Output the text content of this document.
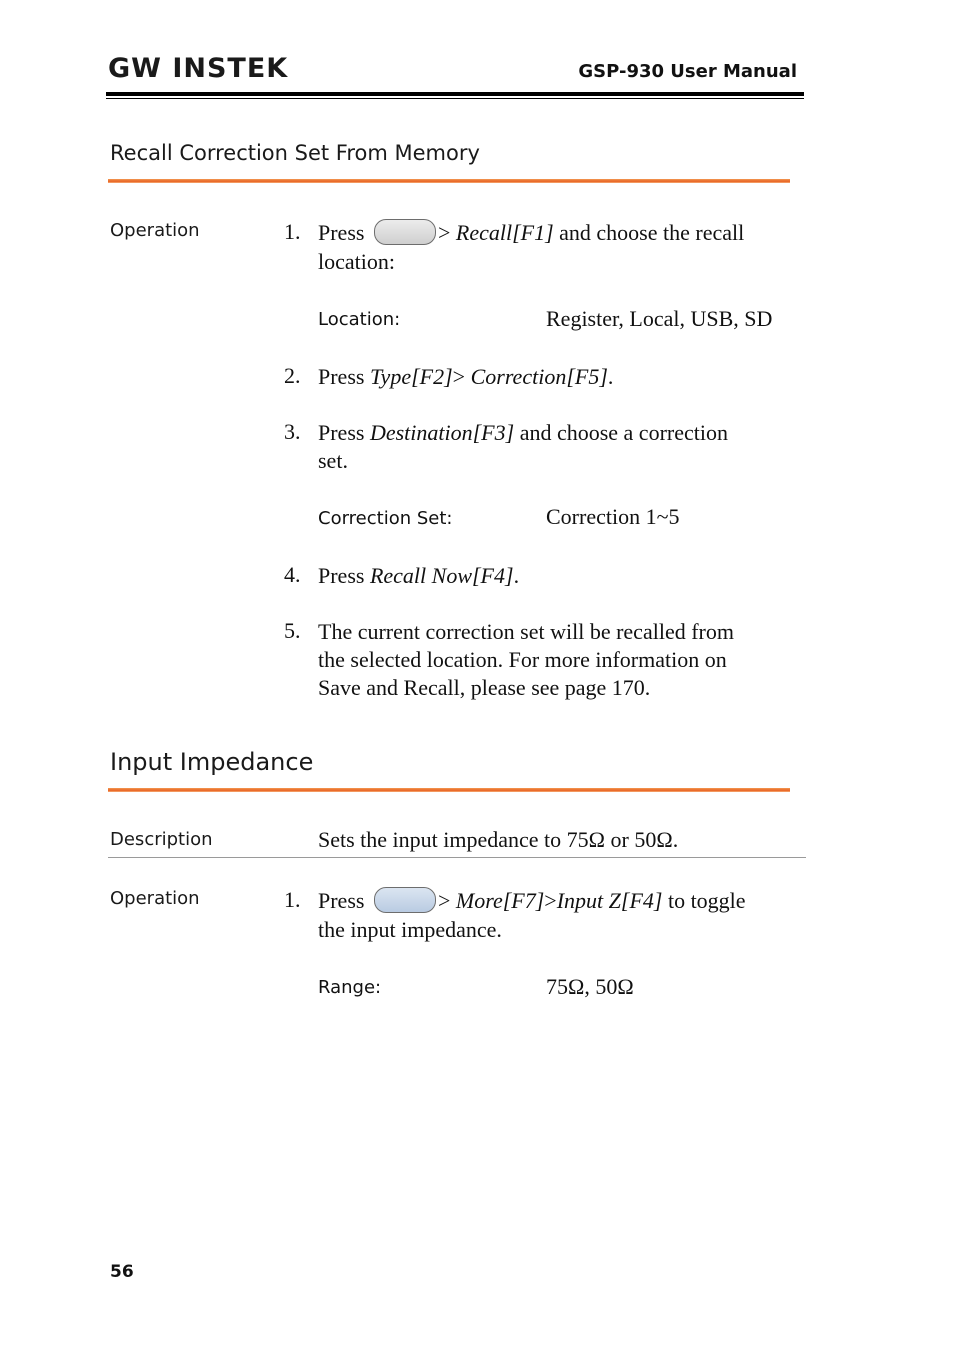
GW INSTEK	GSP-930 User Manual
Recall Correction Set From Memory
Operation	1. Press	> Recall[F1] and choose the recall
location:
Location:	Register, Local, USB, SD
2. Press Type[F2]> Correction[F5].
3. Press Destination[F3] and choose a correction
set.
Correction Set:	Correction 1~5
4. Press Recall Now[F4].
5. The current correction set will be recalled from
the selected location. For more information on
Save and Recall, please see page 170.
Input Impedance
Description	Sets the input impedance to 75Ω or 50Ω.
Operation	1. Press	> More[F7]>Input Z[F4] to toggle
the input impedance.
Range:	75Ω, 50Ω
56
